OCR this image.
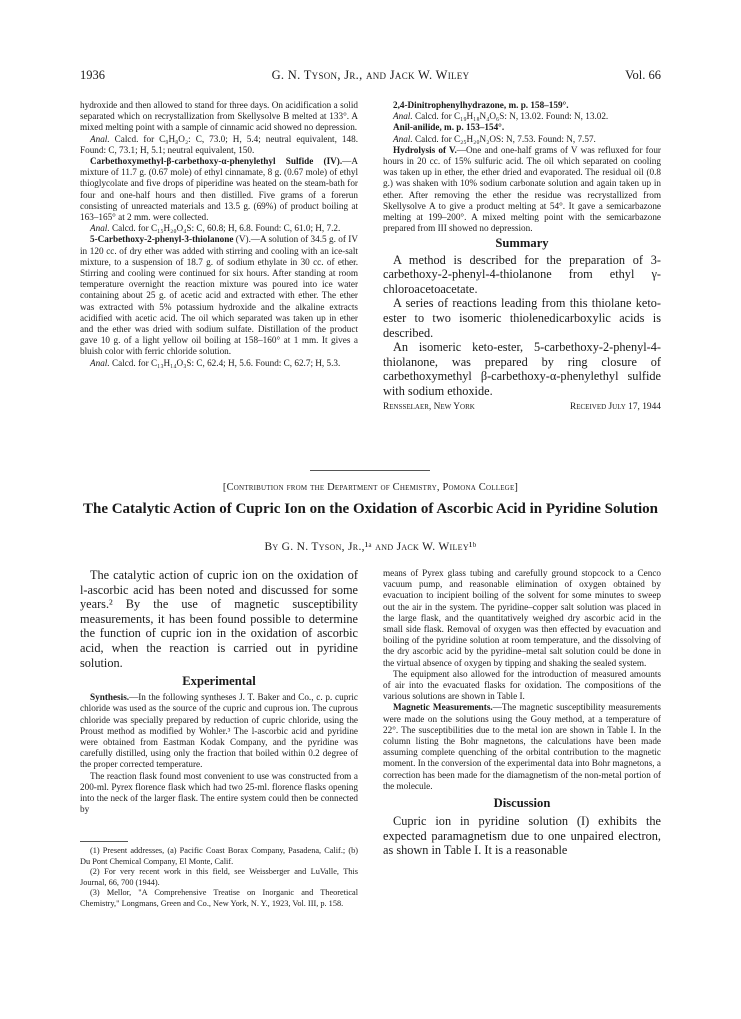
1936	G. N. Tyson, Jr., and Jack W. Wiley	Vol. 66

hydroxide and then allowed to stand for three days. On acidification a solid separated which on recrystallization from Skellysolve B melted at 133°. A mixed melting point with a sample of cinnamic acid showed no depression.

Anal. Calcd. for C₉H₈O₂: C, 73.0; H, 5.4; neutral equivalent, 148. Found: C, 73.1; H, 5.1; neutral equivalent, 150.

Carbethoxymethyl-β-carbethoxy-α-phenylethyl Sulfide (IV).—A mixture of 11.7 g. (0.67 mole) of ethyl cinnamate, 8 g. (0.67 mole) of ethyl thioglycolate and five drops of piperidine was heated on the steam-bath for four and one-half hours and then distilled. Five grams of a forerun consisting of unreacted materials and 13.5 g. (69%) of product boiling at 163–165° at 2 mm. were collected.

Anal. Calcd. for C₁₅H₂₀O₄S: C, 60.8; H, 6.8. Found: C, 61.0; H, 7.2.

5-Carbethoxy-2-phenyl-3-thiolanone (V).—A solution of 34.5 g. of IV in 120 cc. of dry ether was added with stirring and cooling with an ice-salt mixture, to a suspension of 18.7 g. of sodium ethylate in 30 cc. of ether. Stirring and cooling were continued for six hours. After standing at room temperature overnight the reaction mixture was poured into ice water containing about 25 g. of acetic acid and extracted with ether. The ether was extracted with 5% potassium hydroxide and the alkaline extracts acidified with acetic acid. The oil which separated was taken up in ether and the ether was dried with sodium sulfate. Distillation of the product gave 10 g. of a light yellow oil boiling at 158–160° at 1 mm. It gives a bluish color with ferric chloride solution.

Anal. Calcd. for C₁₃H₁₄O₃S: C, 62.4; H, 5.6. Found: C, 62.7; H, 5.3.

2,4-Dinitrophenylhydrazone, m. p. 158–159°.

Anal. Calcd. for C₁₉H₁₈N₄O₆S: N, 13.02. Found: N, 13.02.

Anil-anilide, m. p. 153–154°.

Anal. Calcd. for C₂₅H₂₀N₂OS: N, 7.53. Found: N, 7.57.

Hydrolysis of V.—One and one-half grams of V was refluxed for four hours in 20 cc. of 15% sulfuric acid. The oil which separated on cooling was taken up in ether, the ether dried and evaporated. The residual oil (0.8 g.) was shaken with 10% sodium carbonate solution and again taken up in ether. After removing the ether the residue was recrystallized from Skellysolve A to give a product melting at 54°. It gave a semicarbazone melting at 199–200°. A mixed melting point with the semicarbazone prepared from III showed no depression.

Summary

A method is described for the preparation of 3-carbethoxy-2-phenyl-4-thiolanone from ethyl γ-chloroacetoacetate.

A series of reactions leading from this thiolane keto-ester to two isomeric thiolenedicarboxylic acids is described.

An isomeric keto-ester, 5-carbethoxy-2-phenyl-4-thiolanone, was prepared by ring closure of carbethoxymethyl β-carbethoxy-α-phenylethyl sulfide with sodium ethoxide.

Rensselaer, New York	Received July 17, 1944
[Contribution from the Department of Chemistry, Pomona College]
The Catalytic Action of Cupric Ion on the Oxidation of Ascorbic Acid in Pyridine Solution
By G. N. Tyson, Jr.,¹ᵃ and Jack W. Wiley¹ᵇ

The catalytic action of cupric ion on the oxidation of l-ascorbic acid has been noted and discussed for some years.² By the use of magnetic susceptibility measurements, it has been found possible to determine the function of cupric ion in the oxidation of ascorbic acid, when the reaction is carried out in pyridine solution.

Experimental

Synthesis.—In the following syntheses J. T. Baker and Co., c. p. cupric chloride was used as the source of the cupric and cuprous ion. The cuprous chloride was specially prepared by reduction of cupric chloride, using the Proust method as modified by Wohler.³ The l-ascorbic acid and pyridine were obtained from Eastman Kodak Company, and the pyridine was carefully distilled, using only the fraction that boiled within 0.2 degree of the proper corrected temperature.

The reaction flask found most convenient to use was constructed from a 200-ml. Pyrex florence flask which had two 25-ml. florence flasks opening into the neck of the larger flask. The entire system could then be connected by

(1) Present addresses, (a) Pacific Coast Borax Company, Pasadena, Calif.; (b) Du Pont Chemical Company, El Monte, Calif.

(2) For very recent work in this field, see Weissberger and LuValle, This Journal, 66, 700 (1944).

(3) Mellor, "A Comprehensive Treatise on Inorganic and Theoretical Chemistry," Longmans, Green and Co., New York, N. Y., 1923, Vol. III, p. 158.

means of Pyrex glass tubing and carefully ground stopcock to a Cenco vacuum pump, and reasonable elimination of oxygen obtained by evacuation to incipient boiling of the solvent for some minutes to sweep out the air in the system. The pyridine–copper salt solution was placed in the large flask, and the quantitatively weighed dry ascorbic acid in the small side flask. Removal of oxygen was then effected by evacuation and boiling of the pyridine solution at room temperature, and the dissolving of the dry ascorbic acid by the pyridine–metal salt solution could be done in the virtual absence of oxygen by tipping and shaking the sealed system.

The equipment also allowed for the introduction of measured amounts of air into the evacuated flasks for oxidation. The compositions of the various solutions are shown in Table I.

Magnetic Measurements.—The magnetic susceptibility measurements were made on the solutions using the Gouy method, at a temperature of 22°. The susceptibilities due to the metal ion are shown in Table I. In the column listing the Bohr magnetons, the calculations have been made assuming complete quenching of the orbital contribution to the magnetic moment. In the conversion of the experimental data into Bohr magnetons, a correction has been made for the diamagnetism of the non-metal portion of the molecule.

Discussion

Cupric ion in pyridine solution (I) exhibits the expected paramagnetism due to one unpaired electron, as shown in Table I. It is a reasonable
